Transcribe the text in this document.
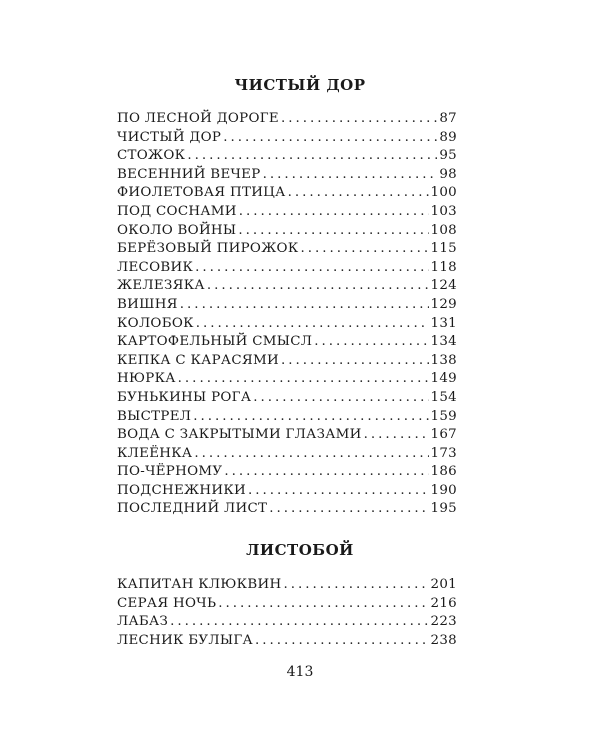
ЧИСТЫЙ ДОР
ПО ЛЕСНОЙ ДОРОГЕ .....	87
ЧИСТЫЙ ДОР .....	89
СТОЖОК .....	95
ВЕСЕННИЙ ВЕЧЕР .....	98
ФИОЛЕТОВАЯ ПТИЦА .....	100
ПОД СОСНАМИ .....	103
ОКОЛО ВОЙНЫ .....	108
БЕРЁЗОВЫЙ ПИРОЖОК .....	115
ЛЕСОВИК .....	118
ЖЕЛЕЗЯКА .....	124
ВИШНЯ .....	129
КОЛОБОК .....	131
КАРТОФЕЛЬНЫЙ СМЫСЛ .....	134
КЕПКА С КАРАСЯМИ .....	138
НЮРКА .....	149
БУНЬКИНЫ РОГА .....	154
ВЫСТРЕЛ .....	159
ВОДА С ЗАКРЫТЫМИ ГЛАЗАМИ .....	167
КЛЕЁНКА .....	173
ПО-ЧЁРНОМУ .....	186
ПОДСНЕЖНИКИ .....	190
ПОСЛЕДНИЙ ЛИСТ .....	195
ЛИСТОБОЙ
КАПИТАН КЛЮКВИН .....	201
СЕРАЯ НОЧЬ .....	216
ЛАБАЗ .....	223
ЛЕСНИК БУЛЫГА .....	238
413
